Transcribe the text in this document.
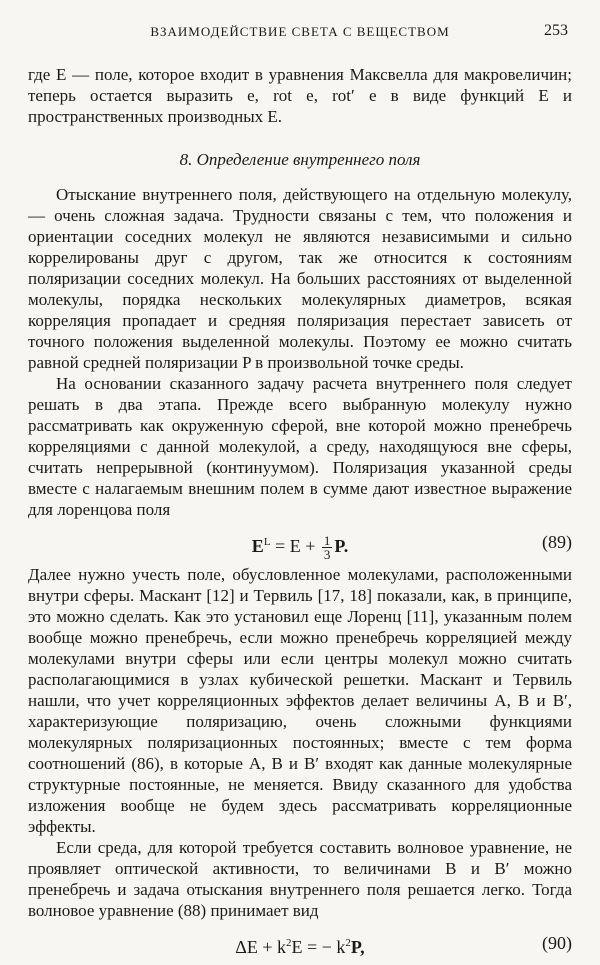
ВЗАИМОДЕЙСТВИЕ СВЕТА С ВЕЩЕСТВОМ	253

где E — поле, которое входит в уравнения Максвелла для макровеличин; теперь остается выразить e, rot e, rot′ e в виде функций E и пространственных производных E.

8. Определение внутреннего поля

Отыскание внутреннего поля, действующего на отдельную молекулу, — очень сложная задача. Трудности связаны с тем, что положения и ориентации соседних молекул не являются независимыми и сильно коррелированы друг с другом, так же относится к состояниям поляризации соседних молекул. На больших расстояниях от выделенной молекулы, порядка нескольких молекулярных диаметров, всякая корреляция пропадает и средняя поляризация перестает зависеть от точного положения выделенной молекулы. Поэтому ее можно считать равной средней поляризации P в произвольной точке среды.

На основании сказанного задачу расчета внутреннего поля следует решать в два этапа. Прежде всего выбранную молекулу нужно рассматривать как окруженную сферой, вне которой можно пренебречь корреляциями с данной молекулой, а среду, находящуюся вне сферы, считать непрерывной (континуумом). Поляризация указанной среды вместе с налагаемым внешним полем в сумме дают известное выражение для лоренцова поля

$E^L = E + \frac{1}{3} P$.	(89)

Далее нужно учесть поле, обусловленное молекулами, расположенными внутри сферы. Маскант [12] и Тервиль [17, 18] показали, как, в принципе, это можно сделать. Как это установил еще Лоренц [11], указанным полем вообще можно пренебречь, если можно пренебречь корреляцией между молекулами внутри сферы или если центры молекул можно считать располагающимися в узлах кубической решетки. Маскант и Тервиль нашли, что учет корреляционных эффектов делает величины A, B и B′, характеризующие поляризацию, очень сложными функциями молекулярных поляризационных постоянных; вместе с тем форма соотношений (86), в которые A, B и B′ входят как данные молекулярные структурные постоянные, не меняется. Ввиду сказанного для удобства изложения вообще не будем здесь рассматривать корреляционные эффекты.

Если среда, для которой требуется составить волновое уравнение, не проявляет оптической активности, то величинами B и B′ можно пренебречь и задача отыскания внутреннего поля решается легко. Тогда волновое уравнение (88) принимает вид

$\Delta E + k^2E$ = − $k^2P$,	(90)
